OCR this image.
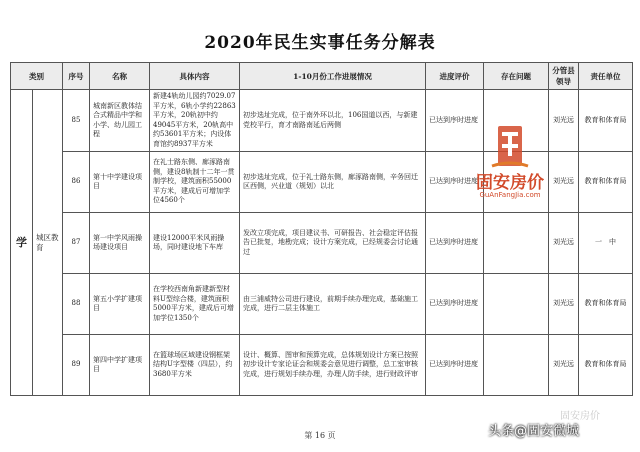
2020年民生实事任务分解表
类别		序号	名称	具体内容	1-10月份工作进展情况	进度评价	存在问题	分管县领导	责任单位
学	城区教育	85	城南新区教体结合式精品中学和小学、幼儿园工程	新建4轨幼儿园约7029.07平方米，6轨小学约22863平方米，20轨初中约49045平方米，20轨高中约53601平方米；内设体育馆约8937平方米	初步选址完成，位于南外环以北，106国道以西，与新建党校平行，育才南路南延后两侧	已达到序时进度		刘光远	教育和体育局
		86	第十中学建设项目	在礼士路东侧、廊涿路南侧，建设8轨制十二年一贯制学校，建筑面积55000平方米，建成后可增加学位4560个	初步选址完成，位于礼士路东侧，廊涿路南侧，辛务回迁区西侧，兴业道（规划）以北	已达到序时进度		刘光远	教育和体育局
		87	第一中学风雨操场建设项目	建设12000平米风雨操场，同时建设地下车库	发改立项完成，项目建议书、可研报告、社会稳定评估报告已批复，地勘完成；设计方案完成，已经规委会讨论通过	已达到序时进度		刘光远	一　中
		88	第五小学扩建项目	在学校西南角新建新型材料U型综合楼，建筑面积5000平方米，建成后可增加学位1350个	由三浦威特公司进行建设，前期手续办理完成，基础施工完成，进行二层主体施工	已达到序时进度		刘光远	教育和体育局
		89	第四中学扩建项目	在篮球场区域建设钢框架结构U字型楼（四层），约3680平方米	设计、概算、图审和预算完成，总体规划设计方案已按照初步设计专家论证会和规委会意见进行调整，总工室审核完成，进行规划手续办理，办理人防手续，进行财政评审	已达到序时进度		刘光远	教育和体育局
固安房价
GuAnFangJia.com
第 16 页
固安房价
头条@固安微城
